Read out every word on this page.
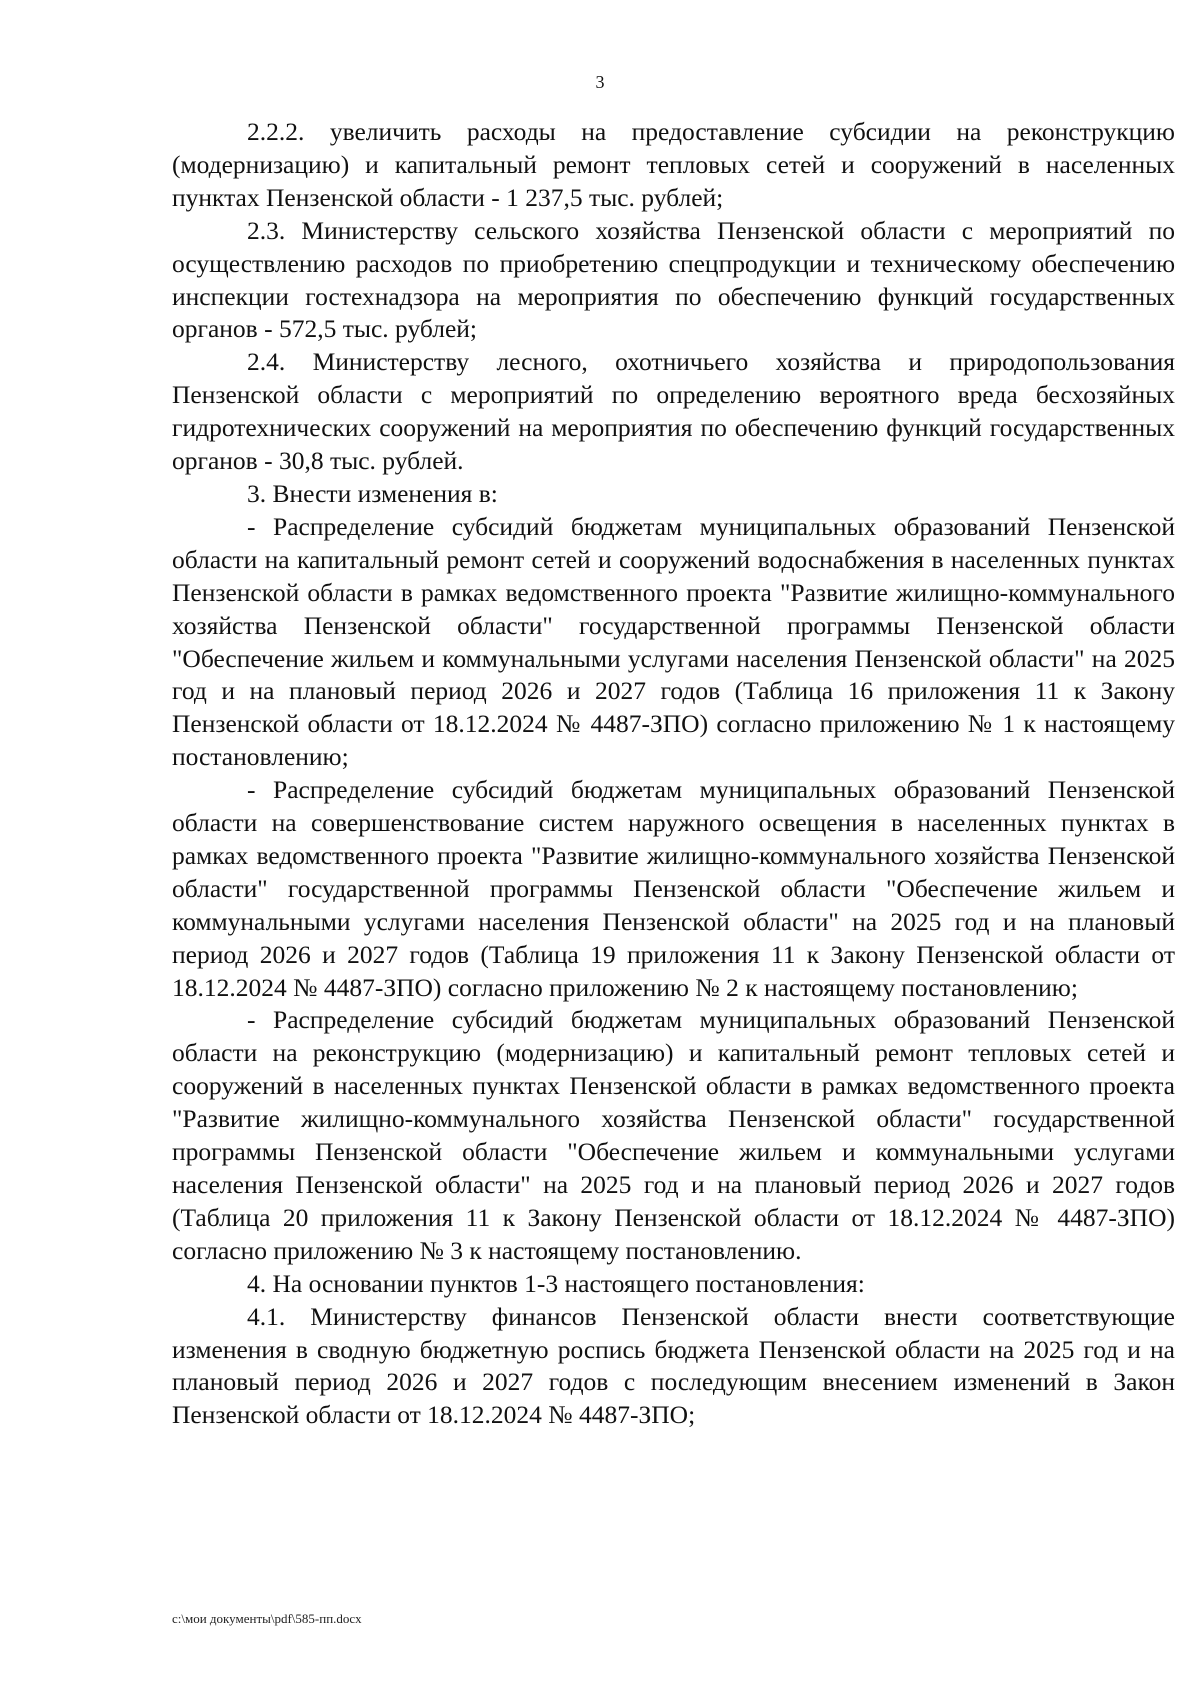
3

2.2.2. увеличить расходы на предоставление субсидии на реконструкцию (модернизацию) и капитальный ремонт тепловых сетей и сооружений в населенных пунктах Пензенской области - 1 237,5 тыс. рублей;

2.3. Министерству сельского хозяйства Пензенской области с мероприятий по осуществлению расходов по приобретению спецпродукции и техническому обеспечению инспекции гостехнадзора на мероприятия по обеспечению функций государственных органов - 572,5 тыс. рублей;

2.4. Министерству лесного, охотничьего хозяйства и природопользования Пензенской области с мероприятий по определению вероятного вреда бесхозяйных гидротехнических сооружений на мероприятия по обеспечению функций государственных органов - 30,8 тыс. рублей.

3. Внести изменения в:

- Распределение субсидий бюджетам муниципальных образований Пензенской области на капитальный ремонт сетей и сооружений водоснабжения в населенных пунктах Пензенской области в рамках ведомственного проекта "Развитие жилищно-коммунального хозяйства Пензенской области" государственной программы Пензенской области "Обеспечение жильем и коммунальными услугами населения Пензенской области" на 2025 год и на плановый период 2026 и 2027 годов (Таблица 16 приложения 11 к Закону Пензенской области от 18.12.2024 № 4487-ЗПО) согласно приложению № 1 к настоящему постановлению;

- Распределение субсидий бюджетам муниципальных образований Пензенской области на совершенствование систем наружного освещения в населенных пунктах в рамках ведомственного проекта "Развитие жилищно-коммунального хозяйства Пензенской области" государственной программы Пензенской области "Обеспечение жильем и коммунальными услугами населения Пензенской области" на 2025 год и на плановый период 2026 и 2027 годов (Таблица 19 приложения 11 к Закону Пензенской области от 18.12.2024 № 4487-ЗПО) согласно приложению № 2 к настоящему постановлению;

- Распределение субсидий бюджетам муниципальных образований Пензенской области на реконструкцию (модернизацию) и капитальный ремонт тепловых сетей и сооружений в населенных пунктах Пензенской области в рамках ведомственного проекта "Развитие жилищно-коммунального хозяйства Пензенской области" государственной программы Пензенской области "Обеспечение жильем и коммунальными услугами населения Пензенской области" на 2025 год и на плановый период 2026 и 2027 годов (Таблица 20 приложения 11 к Закону Пензенской области от 18.12.2024 № 4487-ЗПО) согласно приложению № 3 к настоящему постановлению.

4. На основании пунктов 1-3 настоящего постановления:

4.1. Министерству финансов Пензенской области внести соответствующие изменения в сводную бюджетную роспись бюджета Пензенской области на 2025 год и на плановый период 2026 и 2027 годов с последующим внесением изменений в Закон Пензенской области от 18.12.2024 № 4487-ЗПО;

c:\мои документы\pdf\585-пп.docx
